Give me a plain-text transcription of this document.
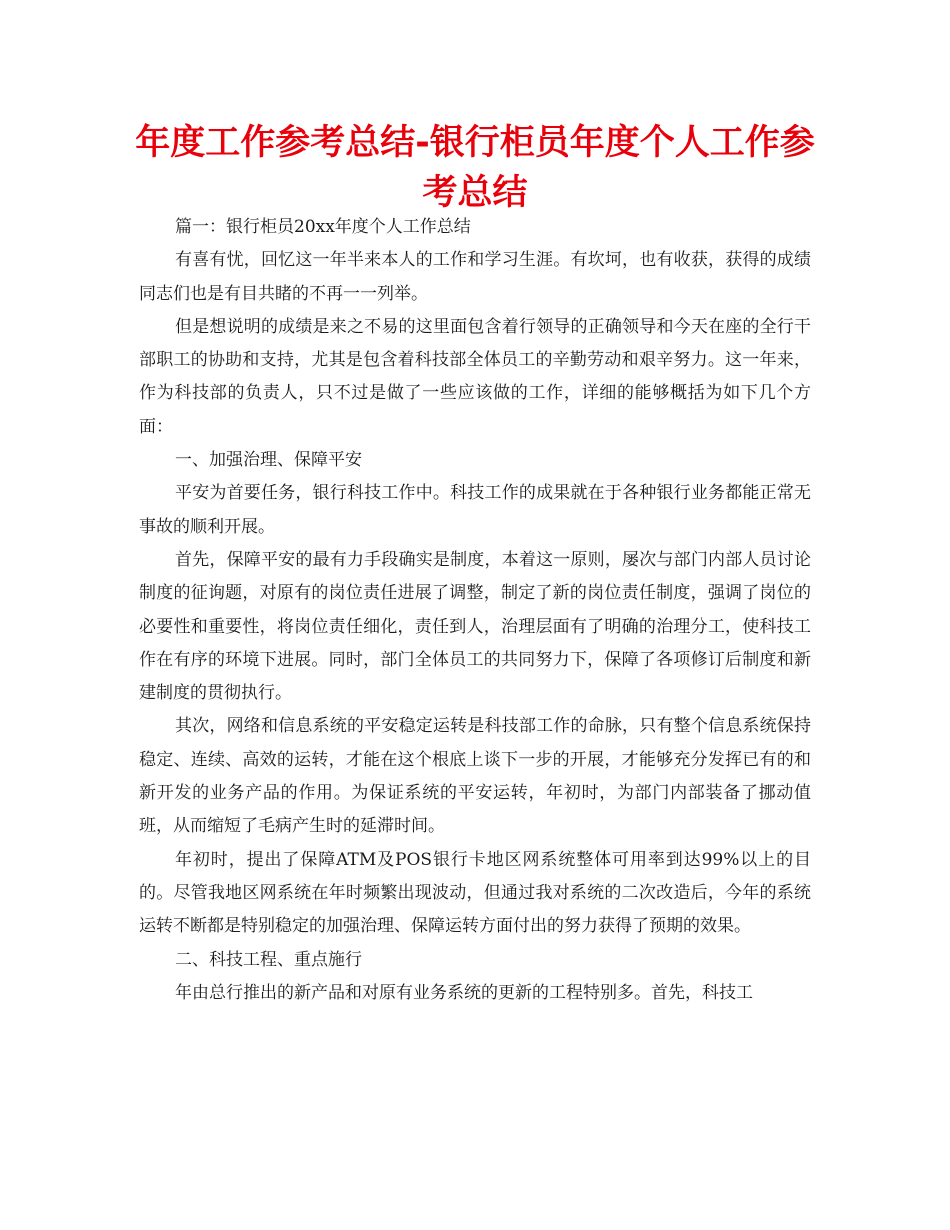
年度工作参考总结-银行柜员年度个人工作参考总结

篇一：银行柜员20xx年度个人工作总结

有喜有忧，回忆这一年半来本人的工作和学习生涯。有坎坷，也有收获，获得的成绩同志们也是有目共睹的不再一一列举。

但是想说明的成绩是来之不易的这里面包含着行领导的正确领导和今天在座的全行干部职工的协助和支持，尤其是包含着科技部全体员工的辛勤劳动和艰辛努力。这一年来，作为科技部的负责人，只不过是做了一些应该做的工作，详细的能够概括为如下几个方面：

一、加强治理、保障平安

平安为首要任务，银行科技工作中。科技工作的成果就在于各种银行业务都能正常无事故的顺利开展。

首先，保障平安的最有力手段确实是制度，本着这一原则，屡次与部门内部人员讨论制度的征询题，对原有的岗位责任进展了调整，制定了新的岗位责任制度，强调了岗位的必要性和重要性，将岗位责任细化，责任到人，治理层面有了明确的治理分工，使科技工作在有序的环境下进展。同时，部门全体员工的共同努力下，保障了各项修订后制度和新建制度的贯彻执行。

其次，网络和信息系统的平安稳定运转是科技部工作的命脉，只有整个信息系统保持稳定、连续、高效的运转，才能在这个根底上谈下一步的开展，才能够充分发挥已有的和新开发的业务产品的作用。为保证系统的平安运转，年初时，为部门内部装备了挪动值班，从而缩短了毛病产生时的延滞时间。

年初时，提出了保障ATM及POS银行卡地区网系统整体可用率到达99%以上的目的。尽管我地区网系统在年时频繁出现波动，但通过我对系统的二次改造后，今年的系统运转不断都是特别稳定的加强治理、保障运转方面付出的努力获得了预期的效果。

二、科技工程、重点施行

年由总行推出的新产品和对原有业务系统的更新的工程特别多。首先，科技工
